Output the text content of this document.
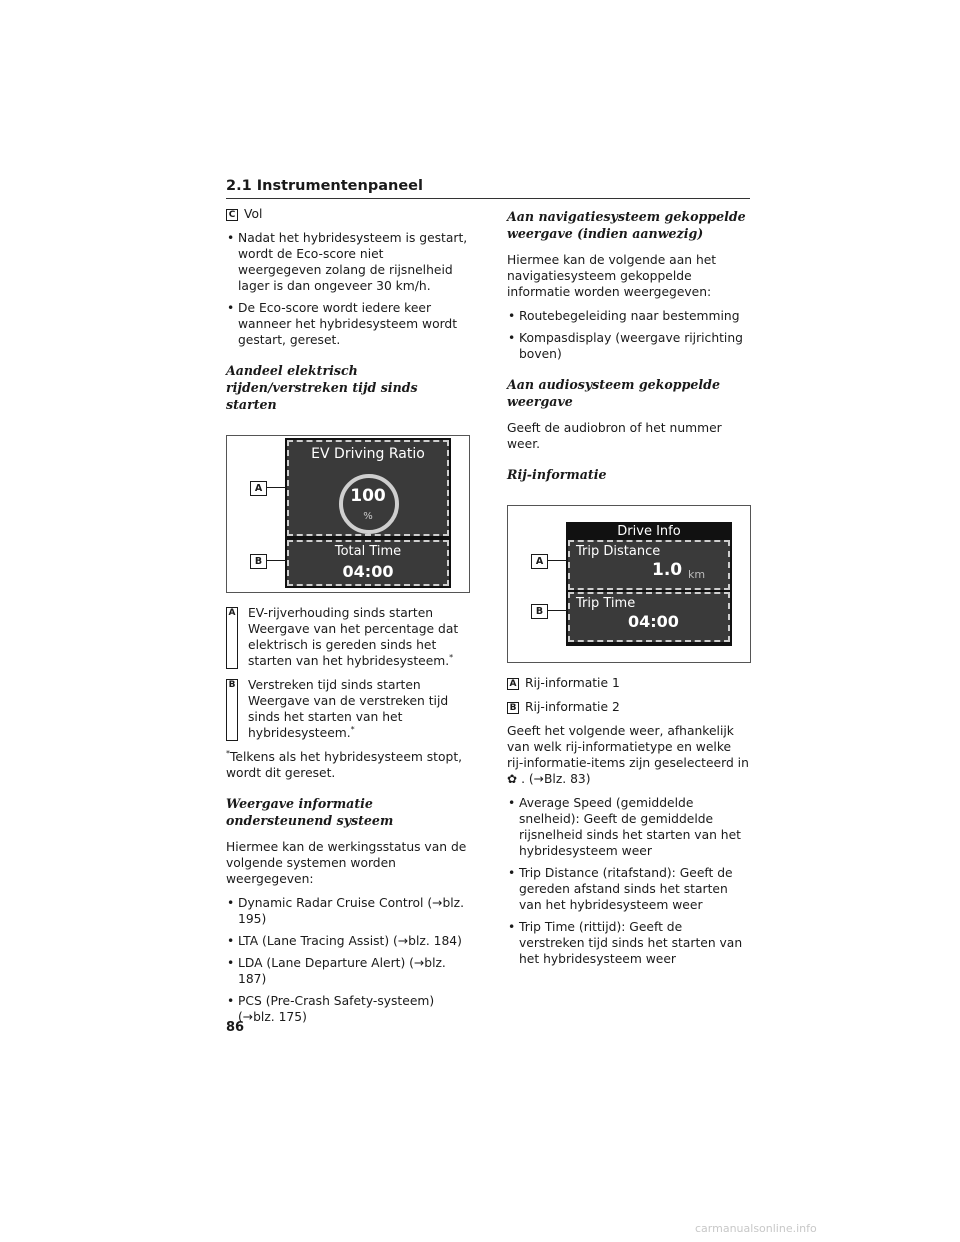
2.1 Instrumentenpaneel

C Vol

• Nadat het hybridesysteem is gestart, wordt de Eco-score niet weergegeven zolang de rijsnelheid lager is dan ongeveer 30 km/h.
• De Eco-score wordt iedere keer wanneer het hybridesysteem wordt gestart, gereset.
Aandeel elektrisch rijden/verstreken tijd sinds starten
EV Driving Ratio
100
%
Total Time
04:00
A
B
A EV-rijverhouding sinds starten
Weergave van het percentage dat elektrisch is gereden sinds het starten van het hybridesysteem.*
B Verstreken tijd sinds starten
Weergave van de verstreken tijd sinds het starten van het hybridesysteem.*

*Telkens als het hybridesysteem stopt, wordt dit gereset.

Weergave informatie ondersteunend systeem

Hiermee kan de werkingsstatus van de volgende systemen worden weergegeven:

• Dynamic Radar Cruise Control (→blz. 195)
• LTA (Lane Tracing Assist) (→blz. 184)
• LDA (Lane Departure Alert) (→blz. 187)
• PCS (Pre-Crash Safety-systeem) (→blz. 175)
Aan navigatiesysteem gekoppelde weergave (indien aanwezig)

Hiermee kan de volgende aan het navigatiesysteem gekoppelde informatie worden weergegeven:

• Routebegeleiding naar bestemming
• Kompasdisplay (weergave rijrichting boven)
Aan audiosysteem gekoppelde weergave

Geeft de audiobron of het nummer weer.

Rij-informatie
Drive Info
Trip Distance
1.0 km
Trip Time
04:00
A
B

A Rij-informatie 1

B Rij-informatie 2

Geeft het volgende weer, afhankelijk van welk rij-informatietype en welke rij-informatie-items zijn geselecteerd in
✿ . (→Blz. 83)

• Average Speed (gemiddelde snelheid): Geeft de gemiddelde rijsnelheid sinds het starten van het hybridesysteem weer
• Trip Distance (ritafstand): Geeft de gereden afstand sinds het starten van het hybridesysteem weer
• Trip Time (rittijd): Geeft de verstreken tijd sinds het starten van het hybridesysteem weer
86
carmanualsonline.info
